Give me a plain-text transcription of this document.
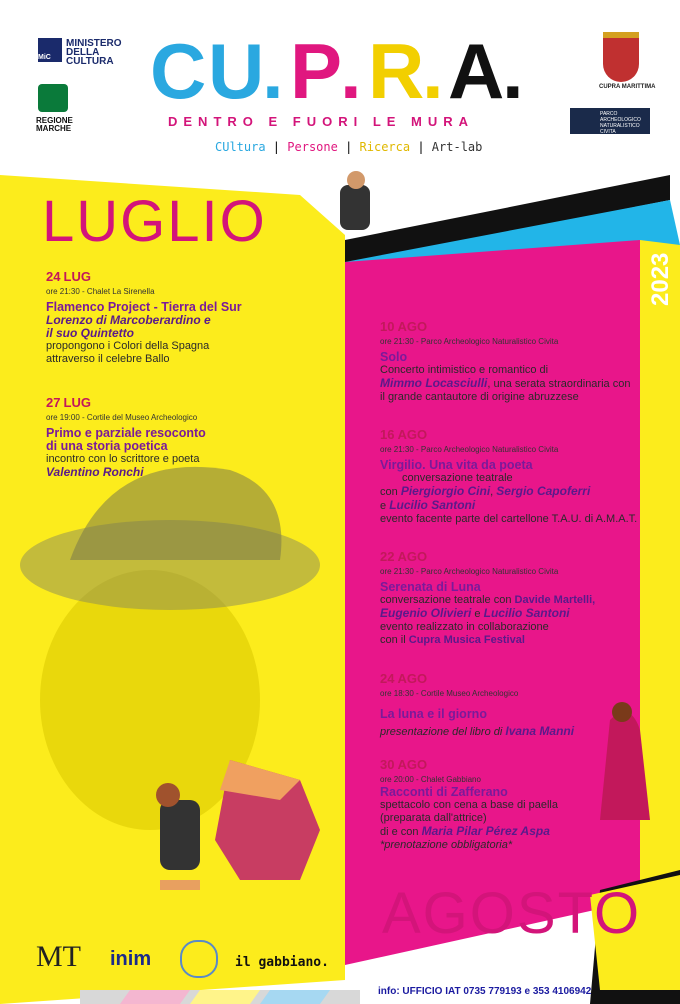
MiC
MINISTERO
DELLA
CULTURA
REGIONE
MARCHE
C U
. P
. R
. A
.
DENTRO E FUORI LE MURA
CUltura | Persone | Ricerca | Art-lab
CUPRA MARITTIMA
PARCO
ARCHEOLOGICO
NATURALISTICO CIVITA
LUGLIO
AGOSTO
2023
24 LUG
ore 21:30 - Chalet La Sirenella
Flamenco Project - Tierra del Sur
Lorenzo di Marcoberardino e
il suo Quintetto
propongono i Colori della Spagna
attraverso il celebre Ballo
27 LUG
ore 19:00 - Cortile del Museo Archeologico
Primo e parziale resoconto
di una storia poetica
incontro con lo scrittore e poeta
Valentino Ronchi
10 AGO
ore 21:30 - Parco Archeologico Naturalistico Civita
Solo
Concerto intimistico e romantico di
Mimmo Locasciulli, una serata straordinaria con
il grande cantautore di origine abruzzese
16 AGO
ore 21:30 - Parco Archeologico Naturalistico Civita
Virgilio. Una vita da poeta
conversazione teatrale
con Piergiorgio Cini, Sergio Capoferri
e Lucilio Santoni
evento facente parte del cartellone T.A.U. di A.M.A.T.
22 AGO
ore 21:30 - Parco Archeologico Naturalistico Civita
Serenata di Luna
conversazione teatrale con Davide Martelli,
Eugenio Olivieri e Lucilio Santoni
evento realizzato in collaborazione
con il Cupra Musica Festival
24 AGO
ore 18:30 - Cortile Museo Archeologico
La luna e il giorno
presentazione del libro di Ivana Manni
30 AGO
ore 20:00 - Chalet Gabbiano
Racconti di Zafferano
spettacolo con cena a base di paella
(preparata dall'attrice)
di e con Maria Pilar Pérez Aspa
*prenotazione obbligatoria*
MT inim	il gabbiano.
info: UFFICIO IAT 0735 779193 e 353 4106942
